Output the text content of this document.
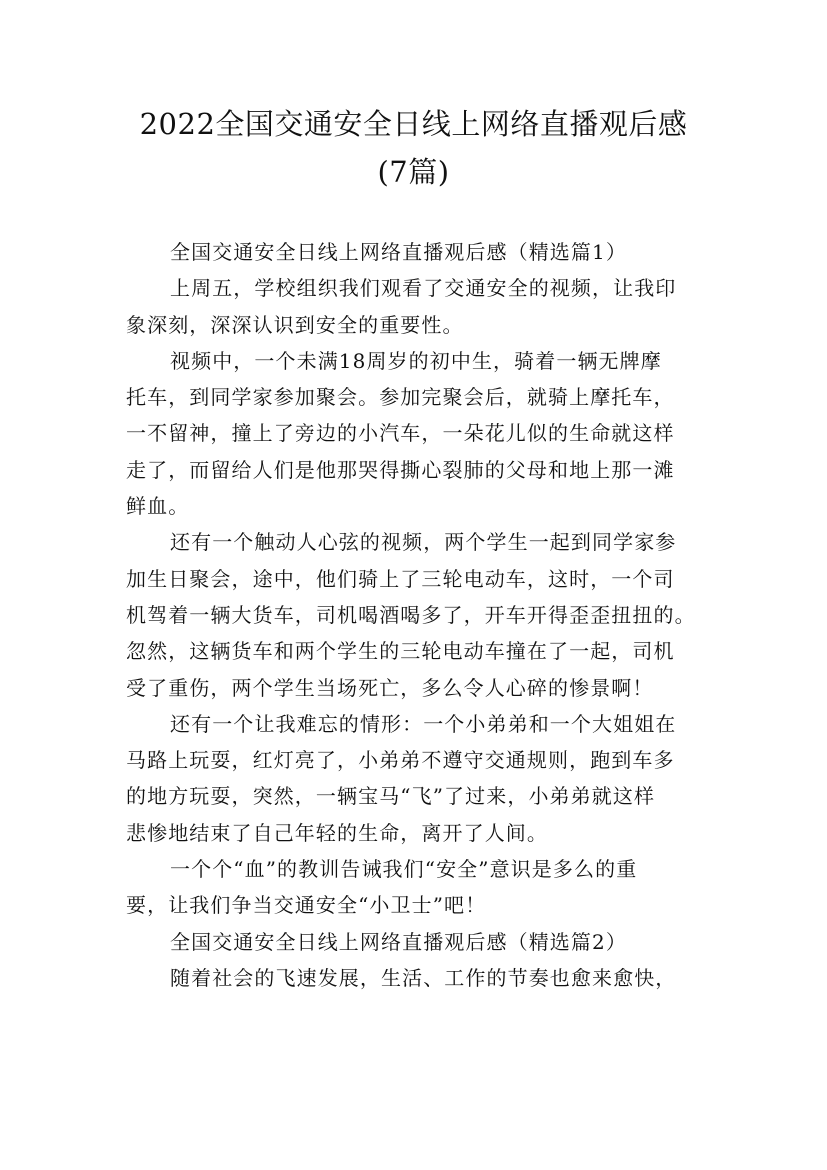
2022全国交通安全日线上网络直播观后感
(7篇)
全国交通安全日线上网络直播观后感（精选篇1）
上周五，学校组织我们观看了交通安全的视频，让我印
象深刻，深深认识到安全的重要性。
视频中，一个未满18周岁的初中生，骑着一辆无牌摩
托车，到同学家参加聚会。参加完聚会后，就骑上摩托车，
一不留神，撞上了旁边的小汽车，一朵花儿似的生命就这样
走了，而留给人们是他那哭得撕心裂肺的父母和地上那一滩
鲜血。
还有一个触动人心弦的视频，两个学生一起到同学家参
加生日聚会，途中，他们骑上了三轮电动车，这时，一个司
机驾着一辆大货车，司机喝酒喝多了，开车开得歪歪扭扭的。
忽然，这辆货车和两个学生的三轮电动车撞在了一起，司机
受了重伤，两个学生当场死亡，多么令人心碎的惨景啊！
还有一个让我难忘的情形：一个小弟弟和一个大姐姐在
马路上玩耍，红灯亮了，小弟弟不遵守交通规则，跑到车多
的地方玩耍，突然，一辆宝马“飞”了过来，小弟弟就这样
悲惨地结束了自己年轻的生命，离开了人间。
一个个“血”的教训告诫我们“安全”意识是多么的重
要，让我们争当交通安全“小卫士”吧！
全国交通安全日线上网络直播观后感（精选篇2）
随着社会的飞速发展，生活、工作的节奏也愈来愈快，
